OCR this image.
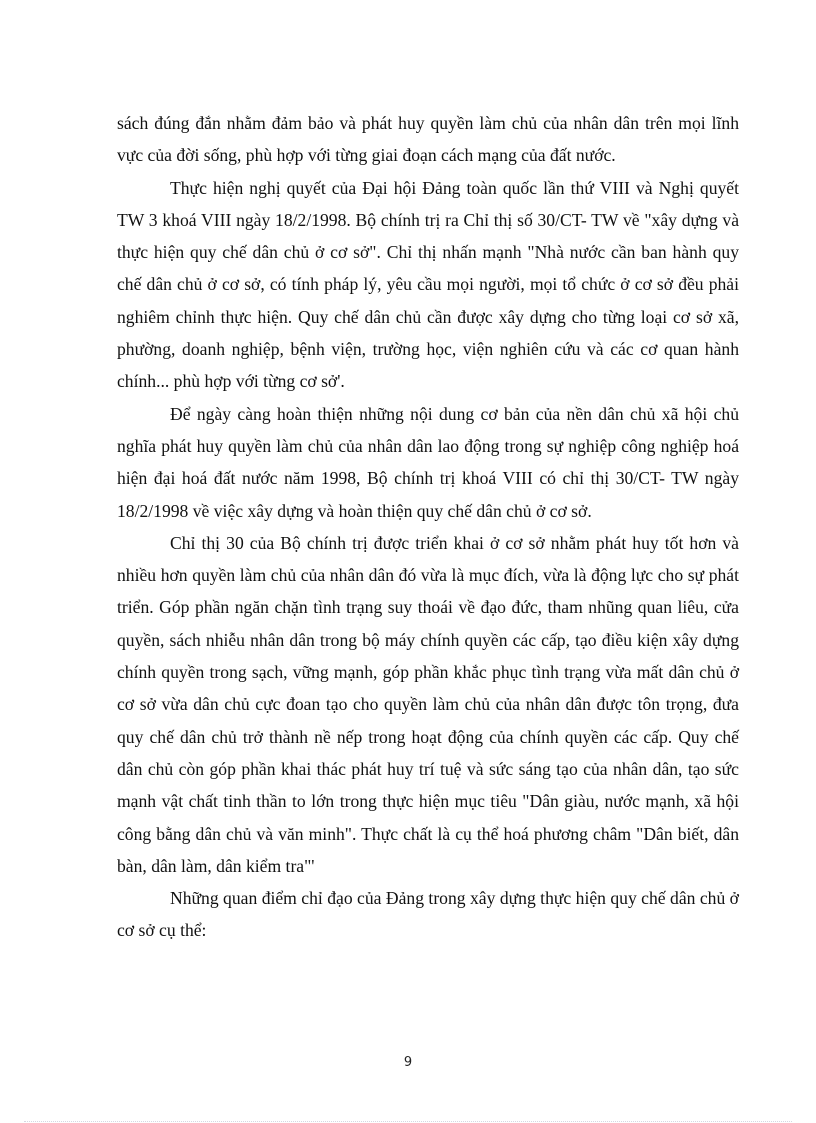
sách đúng đắn nhằm đảm bảo và phát huy quyền làm chủ của nhân dân trên mọi lĩnh vực của đời sống, phù hợp với từng giai đoạn cách mạng của đất nước.

Thực hiện nghị quyết của Đại hội Đảng toàn quốc lần thứ VIII và Nghị quyết TW 3 khoá VIII ngày 18/2/1998. Bộ chính trị ra Chỉ thị số 30/CT- TW về "xây dựng và thực hiện quy chế dân chủ ở cơ sở". Chỉ thị nhấn mạnh "Nhà nước cần ban hành quy chế dân chủ ở cơ sở, có tính pháp lý, yêu cầu mọi người, mọi tổ chức ở cơ sở đều phải nghiêm chỉnh thực hiện. Quy chế dân chủ cần được xây dựng cho từng loại cơ sở xã, phường, doanh nghiệp, bệnh viện, trường học, viện nghiên cứu và các cơ quan hành chính... phù hợp với từng cơ sở'.

Để ngày càng hoàn thiện những nội dung cơ bản của nền dân chủ xã hội chủ nghĩa phát huy quyền làm chủ của nhân dân lao động trong sự nghiệp công nghiệp hoá hiện đại hoá đất nước năm 1998, Bộ chính trị khoá VIII có chỉ thị 30/CT- TW ngày 18/2/1998 về việc xây dựng và hoàn thiện quy chế dân chủ ở cơ sở.

Chỉ thị 30 của Bộ chính trị được triển khai ở cơ sở nhằm phát huy tốt hơn và nhiều hơn quyền làm chủ của nhân dân đó vừa là mục đích, vừa là động lực cho sự phát triển. Góp phần ngăn chặn tình trạng suy thoái về đạo đức, tham nhũng quan liêu, cửa quyền, sách nhiễu nhân dân trong bộ máy chính quyền các cấp, tạo điều kiện xây dựng chính quyền trong sạch, vững mạnh, góp phần khắc phục tình trạng vừa mất dân chủ ở cơ sở vừa dân chủ cực đoan tạo cho quyền làm chủ của nhân dân được tôn trọng, đưa quy chế dân chủ trở thành nề nếp trong hoạt động của chính quyền các cấp. Quy chế dân chủ còn góp phần khai thác phát huy trí tuệ và sức sáng tạo của nhân dân, tạo sức mạnh vật chất tinh thần to lớn trong thực hiện mục tiêu "Dân giàu, nước mạnh, xã hội công bằng dân chủ và văn minh". Thực chất là cụ thể hoá phương châm "Dân biết, dân bàn, dân làm, dân kiểm tra"'

Những quan điểm chỉ đạo của Đảng trong xây dựng thực hiện quy chế dân chủ ở cơ sở cụ thể:

9
